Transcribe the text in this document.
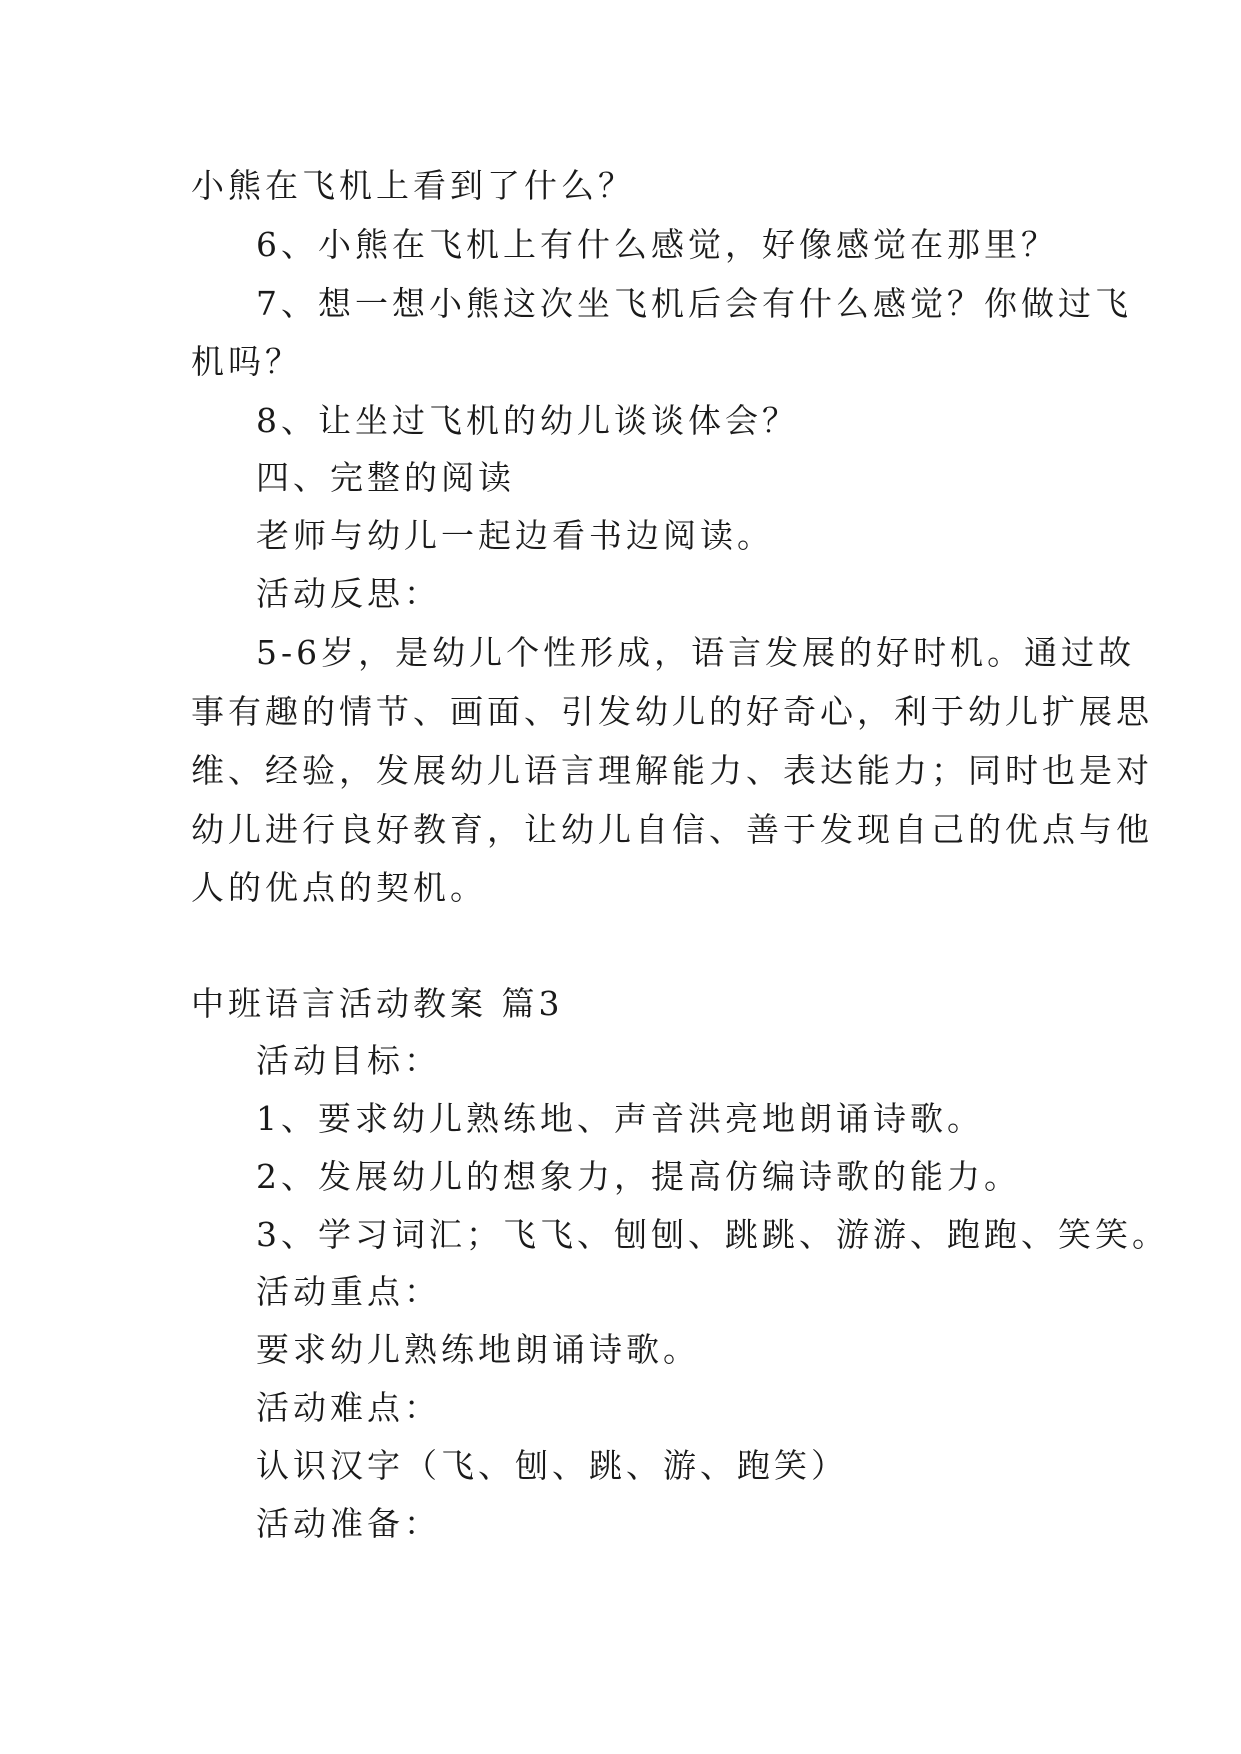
小熊在飞机上看到了什么？

6、小熊在飞机上有什么感觉，好像感觉在那里？

7、想一想小熊这次坐飞机后会有什么感觉？你做过飞

机吗？

8、让坐过飞机的幼儿谈谈体会？

四、完整的阅读

老师与幼儿一起边看书边阅读。

活动反思：

5-6岁，是幼儿个性形成，语言发展的好时机。通过故

事有趣的情节、画面、引发幼儿的好奇心，利于幼儿扩展思

维、经验，发展幼儿语言理解能力、表达能力；同时也是对

幼儿进行良好教育，让幼儿自信、善于发现自己的优点与他

人的优点的契机。

中班语言活动教案 篇3

活动目标：

1、要求幼儿熟练地、声音洪亮地朗诵诗歌。

2、发展幼儿的想象力，提高仿编诗歌的能力。

3、学习词汇；飞飞、刨刨、跳跳、游游、跑跑、笑笑。

活动重点：

要求幼儿熟练地朗诵诗歌。

活动难点：

认识汉字（飞、刨、跳、游、跑笑）

活动准备：
